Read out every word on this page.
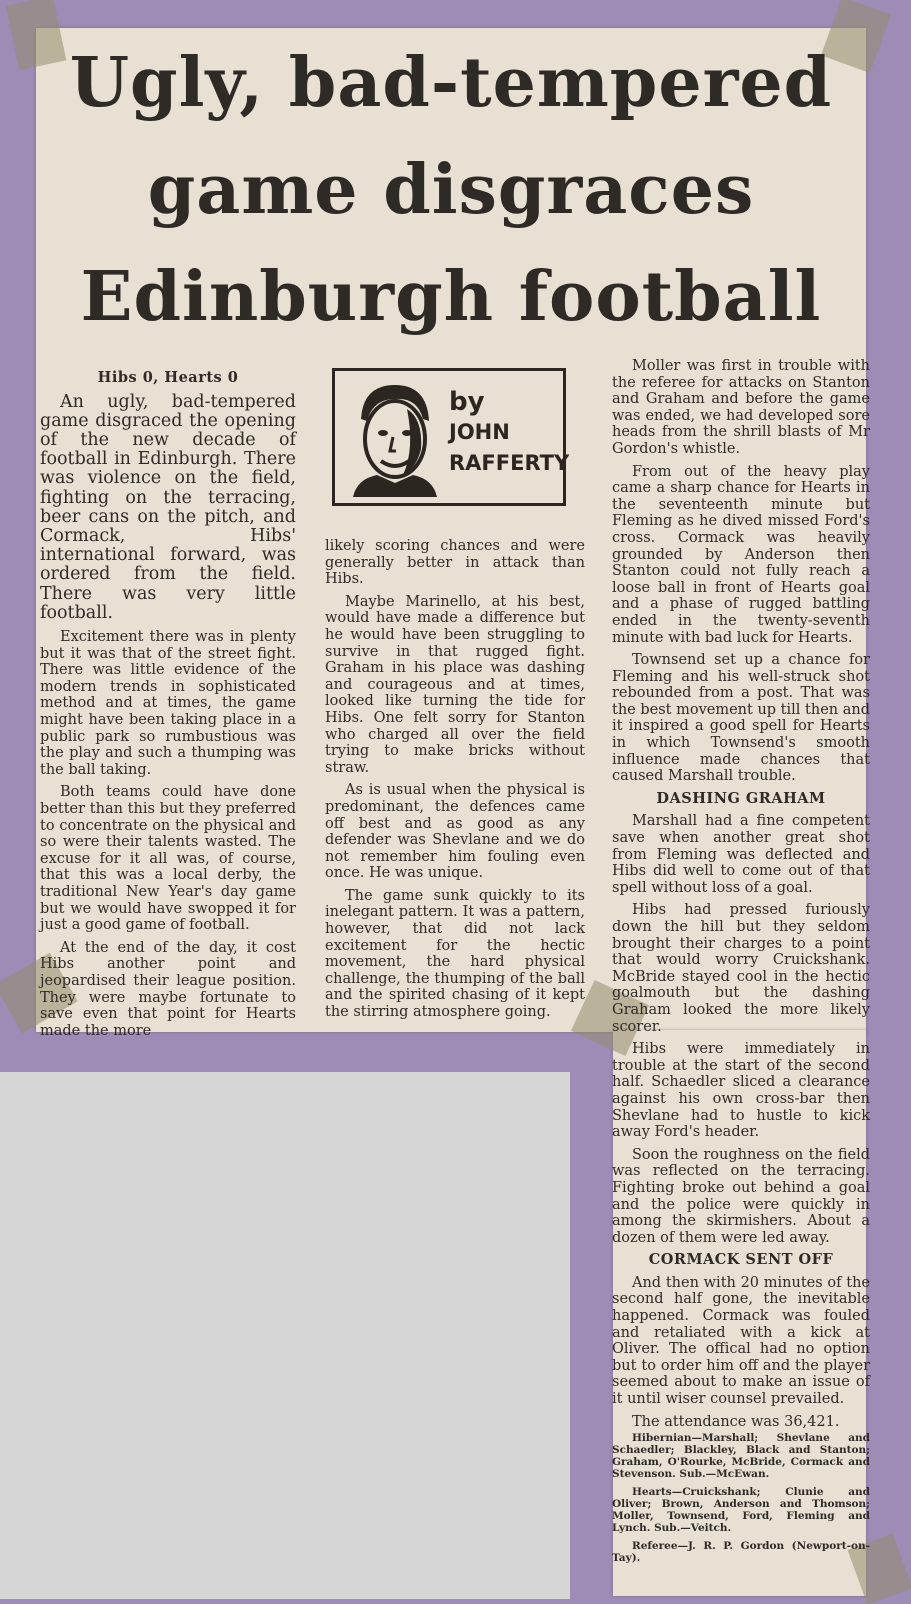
Ugly, bad-tempered
game disgraces
Edinburgh football
Hibs 0, Hearts 0

An ugly, bad-tempered game disgraced the opening of the new decade of football in Edinburgh. There was violence on the field, fighting on the terracing, beer cans on the pitch, and Cormack, Hibs' international forward, was ordered from the field. There was very little football.

Excitement there was in plenty but it was that of the street fight. There was little evidence of the modern trends in sophisticated method and at times, the game might have been taking place in a public park so rumbustious was the play and such a thumping was the ball taking.

Both teams could have done better than this but they preferred to concentrate on the physical and so were their talents wasted. The excuse for it all was, of course, that this was a local derby, the traditional New Year's day game but we would have swopped it for just a good game of football.

At the end of the day, it cost Hibs another point and jeopardised their league position. They were maybe fortunate to save even that point for Hearts made the more

by
JOHN
RAFFERTY

likely scoring chances and were generally better in attack than Hibs.

Maybe Marinello, at his best, would have made a difference but he would have been struggling to survive in that rugged fight. Graham in his place was dashing and courageous and at times, looked like turning the tide for Hibs. One felt sorry for Stanton who charged all over the field trying to make bricks without straw.

As is usual when the physical is predominant, the defences came off best and as good as any defender was Shevlane and we do not remember him fouling even once. He was unique.

The game sunk quickly to its inelegant pattern. It was a pattern, however, that did not lack excitement for the hectic movement, the hard physical challenge, the thumping of the ball and the spirited chasing of it kept the stirring atmosphere going.

Moller was first in trouble with the referee for attacks on Stanton and Graham and before the game was ended, we had developed sore heads from the shrill blasts of Mr Gordon's whistle.

From out of the heavy play came a sharp chance for Hearts in the seventeenth minute but Fleming as he dived missed Ford's cross. Cormack was heavily grounded by Anderson then Stanton could not fully reach a loose ball in front of Hearts goal and a phase of rugged battling ended in the twenty-seventh minute with bad luck for Hearts.

Townsend set up a chance for Fleming and his well-struck shot rebounded from a post. That was the best movement up till then and it inspired a good spell for Hearts in which Townsend's smooth influence made chances that caused Marshall trouble.

DASHING GRAHAM

Marshall had a fine competent save when another great shot from Fleming was deflected and Hibs did well to come out of that spell without loss of a goal.

Hibs had pressed furiously down the hill but they seldom brought their charges to a point that would worry Cruickshank. McBride stayed cool in the hectic goalmouth but the dashing Graham looked the more likely scorer.

Hibs were immediately in trouble at the start of the second half. Schaedler sliced a clearance against his own cross-bar then Shevlane had to hustle to kick away Ford's header.

Soon the roughness on the field was reflected on the terracing. Fighting broke out behind a goal and the police were quickly in among the skirmishers. About a dozen of them were led away.

CORMACK SENT OFF

And then with 20 minutes of the second half gone, the inevitable happened. Cormack was fouled and retaliated with a kick at Oliver. The offical had no option but to order him off and the player seemed about to make an issue of it until wiser counsel prevailed.

The attendance was 36,421.

Hibernian—Marshall; Shevlane and Schaedler; Blackley, Black and Stanton; Graham, O'Rourke, McBride, Cormack and Stevenson. Sub.—McEwan.

Hearts—Cruickshank; Clunie and Oliver; Brown, Anderson and Thomson; Moller, Townsend, Ford, Fleming and Lynch. Sub.—Veitch.

Referee—J. R. P. Gordon (Newport-on-Tay).
